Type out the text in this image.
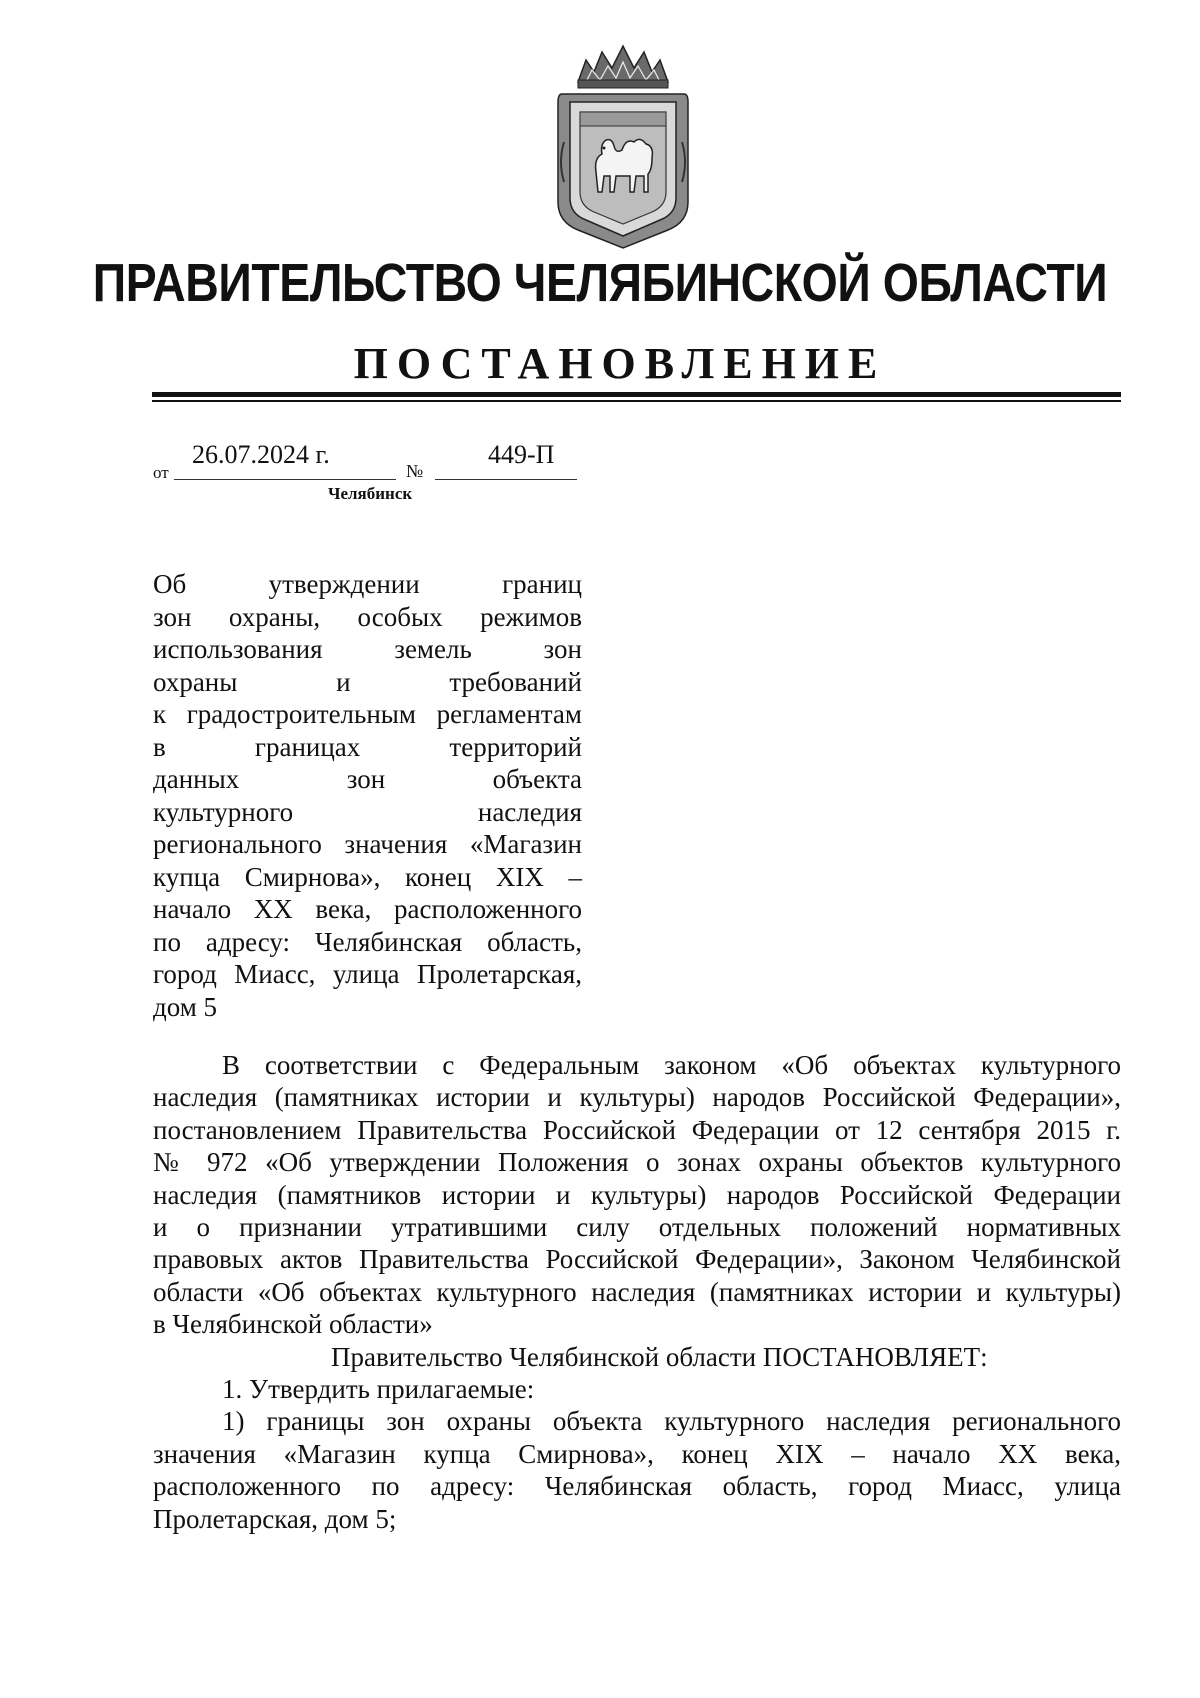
ПРАВИТЕЛЬСТВО ЧЕЛЯБИНСКОЙ ОБЛАСТИ
ПОСТАНОВЛЕНИЕ
от
26.07.2024 г.
№
449-П
Челябинск
Об утверждении границ
зон охраны, особых режимов
использования земель зон
охраны и требований
к градостроительным регламентам
в границах территорий
данных зон объекта
культурного наследия
регионального значения «Магазин
купца Смирнова», конец XIX –
начало XX века, расположенного
по адресу: Челябинская область,
город Миасс, улица Пролетарская,
дом 5
В соответствии с Федеральным законом «Об объектах культурного
наследия (памятниках истории и культуры) народов Российской Федерации»,
постановлением Правительства Российской Федерации от 12 сентября 2015 г.
№ 972 «Об утверждении Положения о зонах охраны объектов культурного
наследия (памятников истории и культуры) народов Российской Федерации
и о признании утратившими силу отдельных положений нормативных
правовых актов Правительства Российской Федерации», Законом Челябинской
области «Об объектах культурного наследия (памятниках истории и культуры)
в Челябинской области»
Правительство Челябинской области ПОСТАНОВЛЯЕТ:
1. Утвердить прилагаемые:
1) границы зон охраны объекта культурного наследия регионального
значения «Магазин купца Смирнова», конец XIX – начало XX века,
расположенного по адресу: Челябинская область, город Миасс, улица
Пролетарская, дом 5;
